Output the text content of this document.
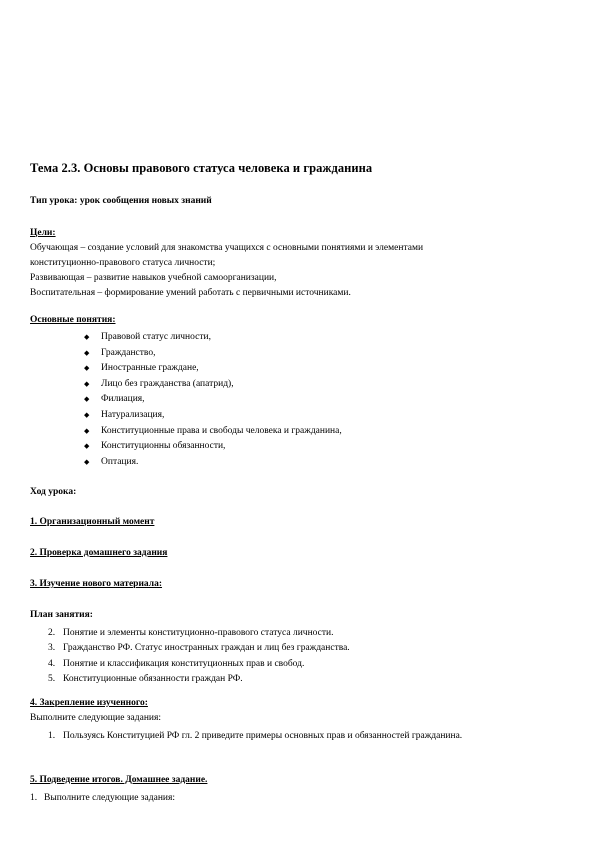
Тема 2.3. Основы правового статуса человека и гражданина
Тип урока: урок сообщения новых знаний
Цели:
Обучающая – создание условий для знакомства учащихся с основными понятиями и элементами
конституционно-правового статуса личности;
Развивающая – развитие навыков учебной самоорганизации,
Воспитательная – формирование умений работать с первичными источниками.
Основные понятия:
◆ Правовой статус личности,
◆ Гражданство,
◆ Иностранные граждане,
◆ Лицо без гражданства (апатрид),
◆ Филиация,
◆ Натурализация,
◆ Конституционные права и свободы человека и гражданина,
◆ Конституционны обязанности,
◆ Оптация.
Ход урока:
1. Организационный момент
2. Проверка домашнего задания
3. Изучение нового материала:
План занятия:
2. Понятие и элементы конституционно-правового статуса личности.
3. Гражданство РФ. Статус иностранных граждан и лиц без гражданства.
4. Понятие и классификация конституционных прав и свобод.
5. Конституционные обязанности граждан РФ.
4. Закрепление изученного:
Выполните следующие задания:
1. Пользуясь Конституцией РФ гл. 2 приведите примеры основных прав и обязанностей гражданина.
5. Подведение итогов. Домашнее задание.
1. Выполните следующие задания:
